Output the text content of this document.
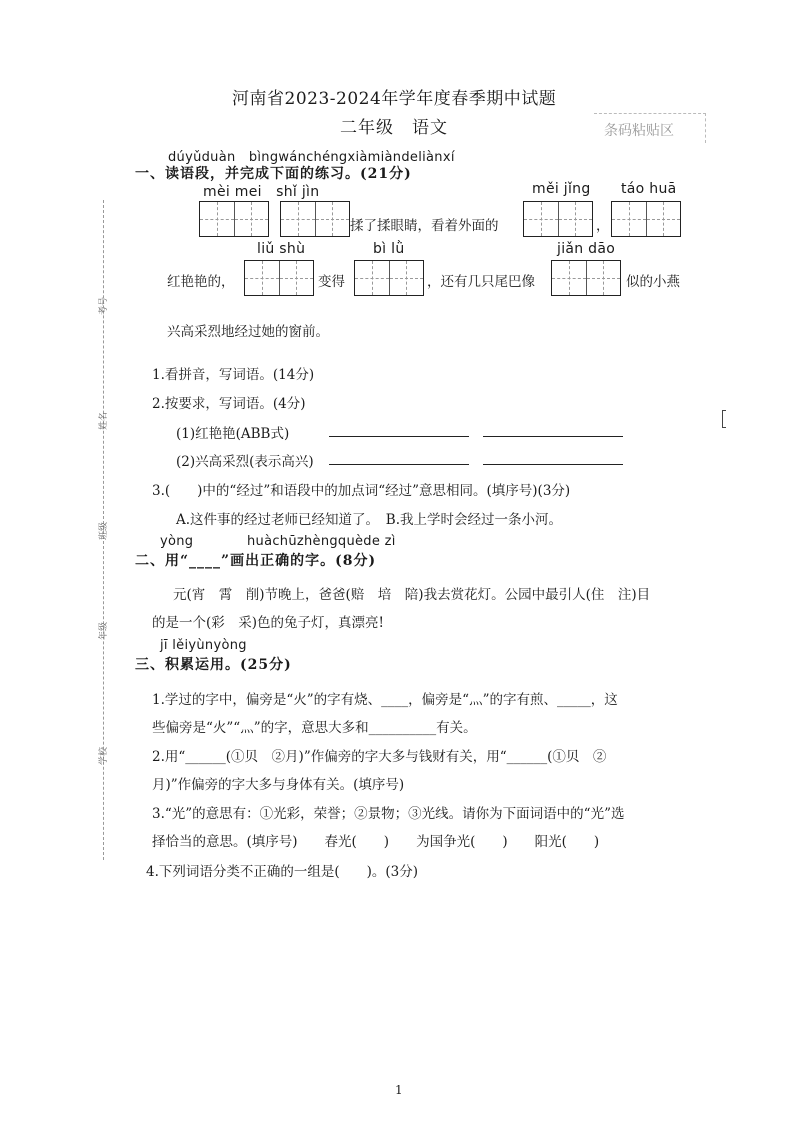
河南省2023-2024年学年度春季期中试题
二年级　语文	条码粘贴区
考号
姓名
班级
年级
学校
dúyǔduàn　bìngwánchéngxiàmiàndeliànxí
一、读语段，并完成下面的练习。(21分)
mèi mei　shǐ jìn	měi jǐng táo huā
揉了揉眼睛，看着外面的	，
liǔ shù	bì lǜ	jiǎn dāo
红艳艳的，	变得	，还有几只尾巴像	似的小燕
兴高采烈地经过她的窗前。
1.看拼音，写词语。(14分)
2.按要求，写词语。(4分)
(1)红艳艳(ABB式)
(2)兴高采烈(表示高兴)
3.(　　)中的“经过”和语段中的加点词“经过”意思相同。(填序号)(3分)
A.这件事的经过老师已经知道了。　B.我上学时会经过一条小河。
yòng	huàchūzhèngquède zì
二、用“____”画出正确的字。(8分)
元(宵　霄　削)节晚上，爸爸(赔　培　陪)我去赏花灯。公园中最引人(住　注)目
的是一个(彩　采)色的兔子灯，真漂亮!
jī lěiyùnyòng
三、积累运用。(25分)
1.学过的字中，偏旁是“火”的字有烧、____，偏旁是“灬”的字有煎、_____，这
些偏旁是“火”“灬”的字，意思大多和__________有关。
2.用“______(①贝　②月)”作偏旁的字大多与钱财有关，用“______(①贝　②
月)”作偏旁的字大多与身体有关。(填序号)
3.“光”的意思有：①光彩，荣誉；②景物；③光线。请你为下面词语中的“光”选
择恰当的意思。(填序号)　　春光(　　)　　为国争光(　　)　　阳光(　　)
4.下列词语分类不正确的一组是(　　)。(3分)
1
